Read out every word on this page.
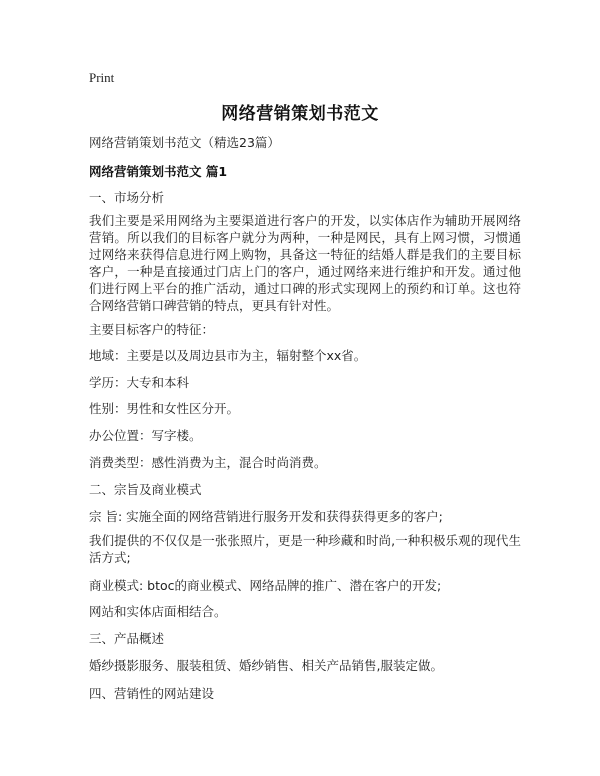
Print
网络营销策划书范文
网络营销策划书范文（精选23篇）
网络营销策划书范文 篇1
一、市场分析
我们主要是采用网络为主要渠道进行客户的开发，以实体店作为辅助开展网络营销。所以我们的目标客户就分为两种，一种是网民，具有上网习惯，习惯通过网络来获得信息进行网上购物，具备这一特征的结婚人群是我们的主要目标客户，一种是直接通过门店上门的客户，通过网络来进行维护和开发。通过他们进行网上平台的推广活动，通过口碑的形式实现网上的预约和订单。这也符合网络营销口碑营销的特点，更具有针对性。
主要目标客户的特征：
地域：主要是以及周边县市为主，辐射整个xx省。
学历：大专和本科
性别：男性和女性区分开。
办公位置：写字楼。
消费类型：感性消费为主，混合时尚消费。
二、宗旨及商业模式
宗 旨: 实施全面的网络营销进行服务开发和获得获得更多的客户;
我们提供的不仅仅是一张张照片，更是一种珍藏和时尚,一种积极乐观的现代生活方式;
商业模式: btoc的商业模式、网络品牌的推广、潜在客户的开发;
网站和实体店面相结合。
三、产品概述
婚纱摄影服务、服装租赁、婚纱销售、相关产品销售,服装定做。
四、营销性的网站建设
